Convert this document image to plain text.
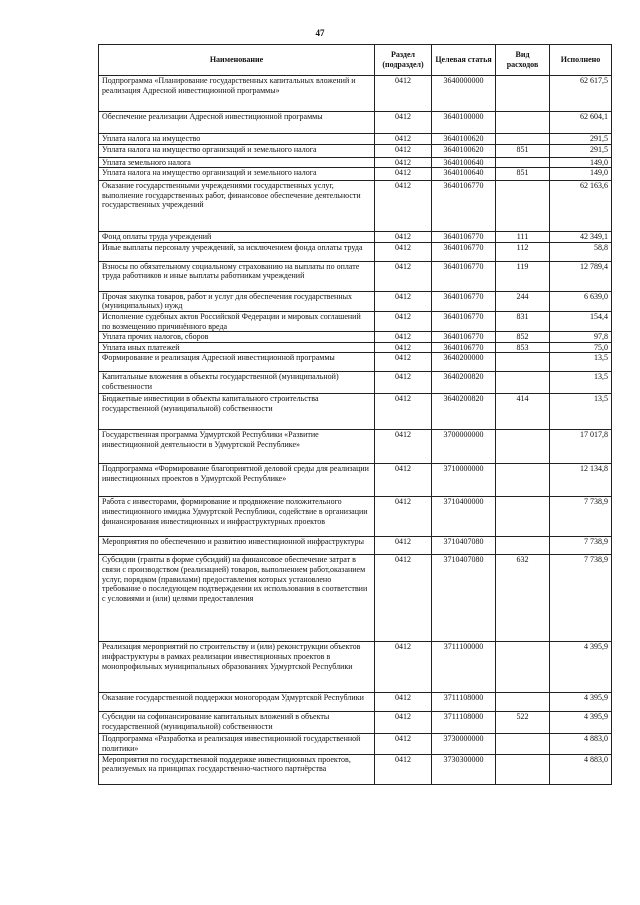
47
Наименование	Раздел (подраздел)	Целевая статья	Вид расходов	Исполнено
Подпрограмма «Планирование государственных капитальных вложений и реализация Адресной инвестиционной программы»	0412	3640000000		62 617,5
Обеспечение реализации Адресной инвестиционной программы	0412	3640100000		62 604,1
Уплата налога на имущество	0412	3640100620		291,5
Уплата налога на имущество организаций и земельного налога	0412	3640100620	851	291,5
Уплата земельного налога	0412	3640100640		149,0
Уплата налога на имущество организаций и земельного налога	0412	3640100640	851	149,0
Оказание государственными учреждениями государственных услуг, выполнение государственных работ, финансовое обеспечение деятельности государственных учреждений	0412	3640106770		62 163,6
Фонд оплаты труда учреждений	0412	3640106770	111	42 349,1
Иные выплаты персоналу учреждений, за исключением фонда оплаты труда	0412	3640106770	112	58,8
Взносы по обязательному социальному страхованию на выплаты по оплате труда работников и иные выплаты работникам учреждений	0412	3640106770	119	12 789,4
Прочая закупка товаров, работ и услуг для обеспечения государственных (муниципальных) нужд	0412	3640106770	244	6 639,0
Исполнение судебных актов Российской Федерации и мировых соглашений по возмещению причинённого вреда	0412	3640106770	831	154,4
Уплата прочих налогов, сборов	0412	3640106770	852	97,8
Уплата иных платежей	0412	3640106770	853	75,0
Формирование и реализация Адресной инвестиционной программы	0412	3640200000		13,5
Капитальные вложения в объекты государственной (муниципальной) собственности	0412	3640200820		13,5
Бюджетные инвестиции в объекты капитального строительства государственной (муниципальной) собственности	0412	3640200820	414	13,5
Государственная программа Удмуртской Республики «Развитие инвестиционной деятельности в Удмуртской Республике»	0412	3700000000		17 017,8
Подпрограмма «Формирование благоприятной деловой среды для реализации инвестиционных проектов в Удмуртской Республике»	0412	3710000000		12 134,8
Работа с инвесторами, формирование и продвижение положительного инвестиционного имиджа Удмуртской Республики, содействие в организации финансирования инвестиционных и инфраструктурных проектов	0412	3710400000		7 738,9
Мероприятия по обеспечению и развитию инвестиционной инфраструктуры	0412	3710407080		7 738,9
Субсидии (гранты в форме субсидий) на финансовое обеспечение затрат в связи с производством (реализацией) товаров, выполнением работ,оказанием услуг, порядком (правилами) предоставления которых установлено требование о последующем подтверждении их использования в соответствии с условиями и (или) целями предоставления	0412	3710407080	632	7 738,9
Реализация мероприятий по строительству и (или) реконструкции объектов инфраструктуры в рамках реализации инвестиционных проектов в монопрофильных муниципальных образованиях Удмуртской Республики	0412	3711100000		4 395,9
Оказание государственной поддержки моногородам Удмуртской Республики	0412	3711108000		4 395,9
Субсидии на софинансирование капитальных вложений в объекты государственной (муниципальной) собственности	0412	3711108000	522	4 395,9
Подпрограмма «Разработка и реализация инвестиционной государственной политики»	0412	3730000000		4 883,0
Мероприятия по государственной поддержке инвестиционных проектов, реализуемых на принципах государственно-частного партнёрства	0412	3730300000		4 883,0
